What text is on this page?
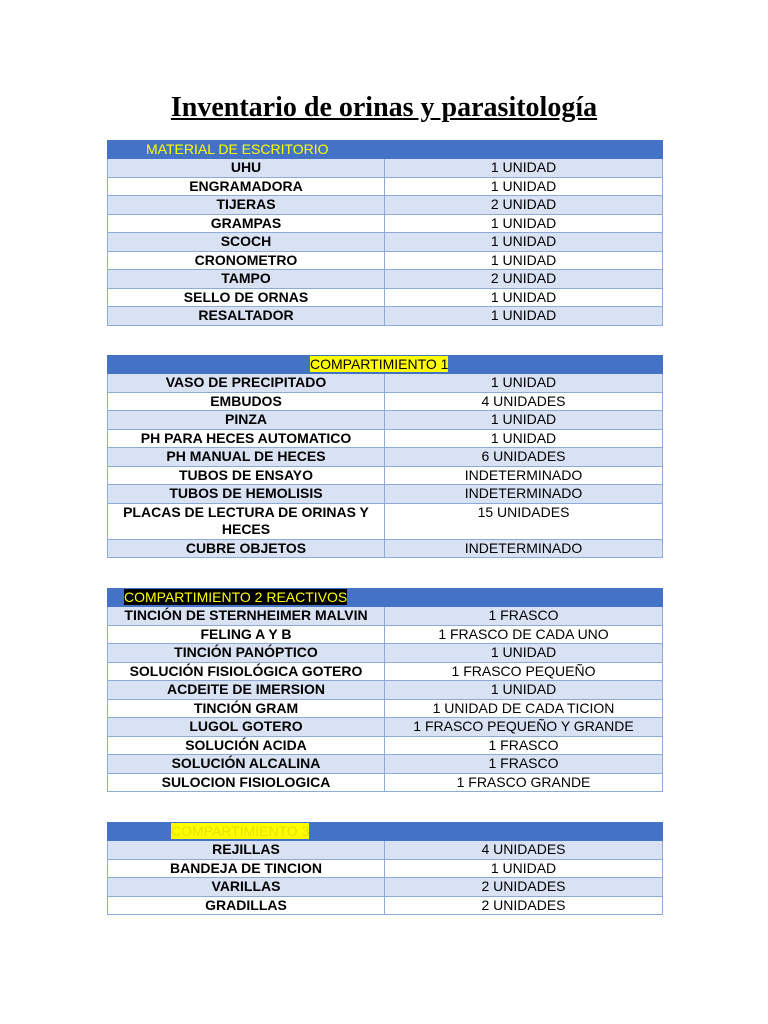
Inventario de orinas y parasitología
MATERIAL DE ESCRITORIO	
UHU	1 UNIDAD
ENGRAMADORA	1 UNIDAD
TIJERAS	2 UNIDAD
GRAMPAS	1 UNIDAD
SCOCH	1 UNIDAD
CRONOMETRO	1 UNIDAD
TAMPO	2 UNIDAD
SELLO DE ORNAS	1 UNIDAD
RESALTADOR	1 UNIDAD
COMPARTIMIENTO 1	
VASO DE PRECIPITADO	1 UNIDAD
EMBUDOS	4 UNIDADES
PINZA	1 UNIDAD
PH PARA HECES AUTOMATICO	1 UNIDAD
PH MANUAL DE HECES	6 UNIDADES
TUBOS DE ENSAYO	INDETERMINADO
TUBOS DE HEMOLISIS	INDETERMINADO
PLACAS DE LECTURA DE ORINAS Y HECES	15 UNIDADES
CUBRE OBJETOS	INDETERMINADO
COMPARTIMIENTO 2 REACTIVOS	
TINCIÓN DE STERNHEIMER MALVIN	1 FRASCO
FELING A Y B	1 FRASCO DE CADA UNO
TINCIÓN PANÓPTICO	1 UNIDAD
SOLUCIÓN FISIOLÓGICA GOTERO	1 FRASCO PEQUEÑO
ACDEITE DE IMERSION	1 UNIDAD
TINCIÓN GRAM	1 UNIDAD DE CADA TICION
LUGOL GOTERO	1 FRASCO PEQUEÑO Y GRANDE
SOLUCIÓN ACIDA	1 FRASCO
SOLUCIÓN ALCALINA	1 FRASCO
SULOCION FISIOLOGICA	1 FRASCO GRANDE
COMPARTIMIENTO 3	
REJILLAS	4 UNIDADES
BANDEJA DE TINCION	1 UNIDAD
VARILLAS	2 UNIDADES
GRADILLAS	2 UNIDADES
